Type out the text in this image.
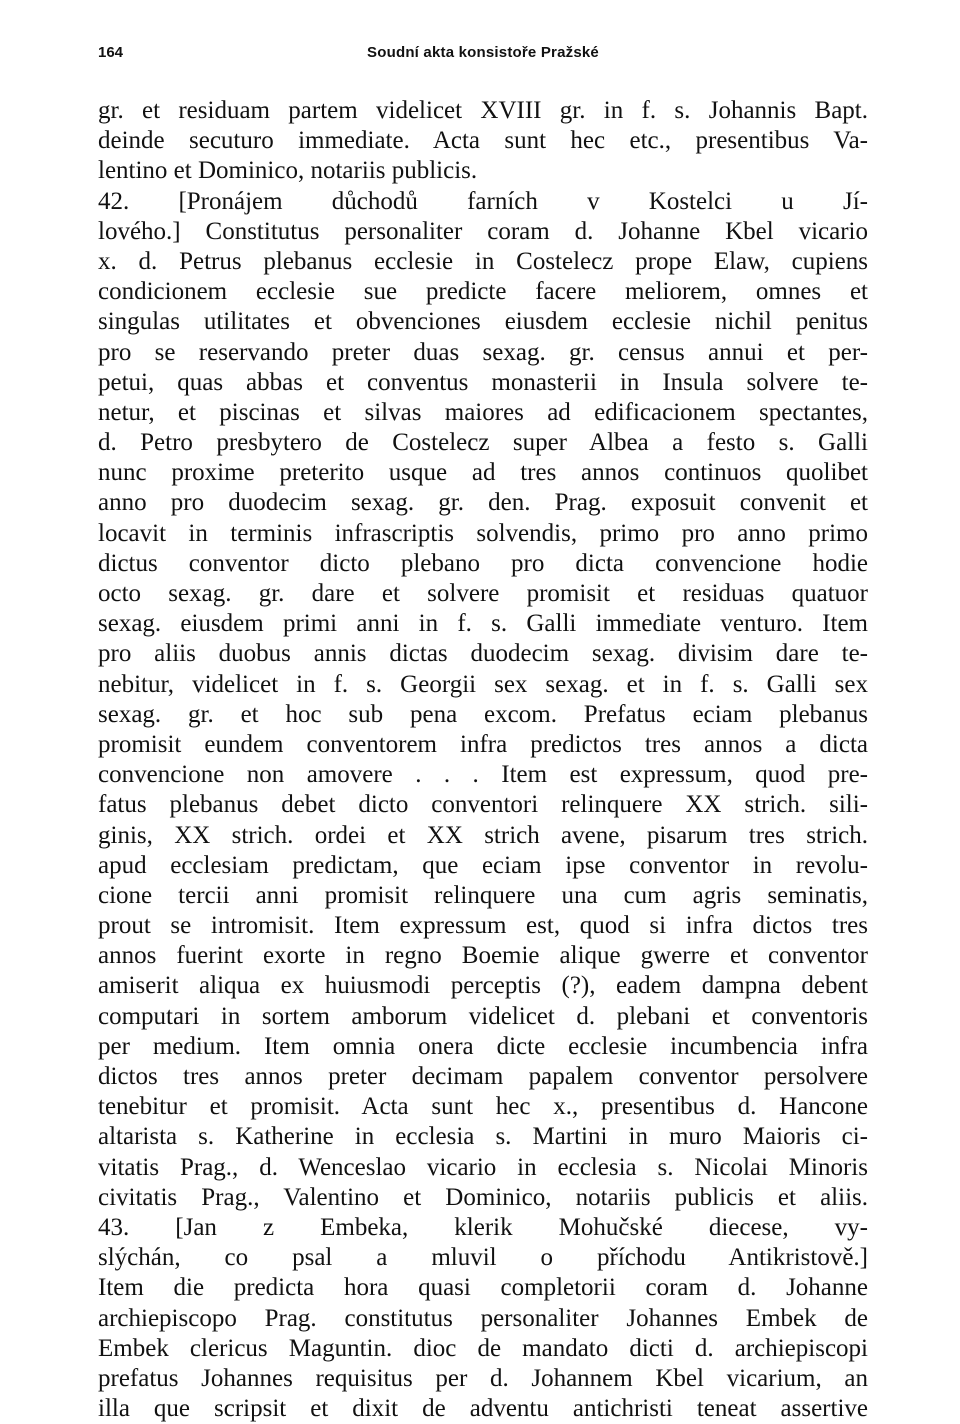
164	Soudní akta konsistoře Pražské
gr. et residuam partem videlicet XVIII gr. in f. s. Johannis Bapt.
deinde secuturo immediate. Acta sunt hec etc., presentibus Va-
lentino et Dominico, notariis publicis.
42. [Pronájem důchodů farních v Kostelci u Jí-
lového.] Constitutus personaliter coram d. Johanne Kbel vicario
x. d. Petrus plebanus ecclesie in Costelecz prope Elaw, cupiens
condicionem ecclesie sue predicte facere meliorem, omnes et
singulas utilitates et obvenciones eiusdem ecclesie nichil penitus
pro se reservando preter duas sexag. gr. census annui et per-
petui, quas abbas et conventus monasterii in Insula solvere te-
netur, et piscinas et silvas maiores ad edificacionem spectantes,
d. Petro presbytero de Costelecz super Albea a festo s. Galli
nunc proxime preterito usque ad tres annos continuos quolibet
anno pro duodecim sexag. gr. den. Prag. exposuit convenit et
locavit in terminis infrascriptis solvendis, primo pro anno primo
dictus conventor dicto plebano pro dicta convencione hodie
octo sexag. gr. dare et solvere promisit et residuas quatuor
sexag. eiusdem primi anni in f. s. Galli immediate venturo. Item
pro aliis duobus annis dictas duodecim sexag. divisim dare te-
nebitur, videlicet in f. s. Georgii sex sexag. et in f. s. Galli sex
sexag. gr. et hoc sub pena excom. Prefatus eciam plebanus
promisit eundem conventorem infra predictos tres annos a dicta
convencione non amovere . . . Item est expressum, quod pre-
fatus plebanus debet dicto conventori relinquere XX strich. sili-
ginis, XX strich. ordei et XX strich avene, pisarum tres strich.
apud ecclesiam predictam, que eciam ipse conventor in revolu-
cione tercii anni promisit relinquere una cum agris seminatis,
prout se intromisit. Item expressum est, quod si infra dictos tres
annos fuerint exorte in regno Boemie alique gwerre et conventor
amiserit aliqua ex huiusmodi perceptis (?), eadem dampna debent
computari in sortem amborum videlicet d. plebani et conventoris
per medium. Item omnia onera dicte ecclesie incumbencia infra
dictos tres annos preter decimam papalem conventor persolvere
tenebitur et promisit. Acta sunt hec x., presentibus d. Hancone
altarista s. Katherine in ecclesia s. Martini in muro Maioris ci-
vitatis Prag., d. Wenceslao vicario in ecclesia s. Nicolai Minoris
civitatis Prag., Valentino et Dominico, notariis publicis et aliis.
43. [Jan z Embeka, klerik Mohučské diecese, vy-
slýchán, co psal a mluvil o příchodu Antikristově.]
Item die predicta hora quasi completorii coram d. Johanne
archiepiscopo Prag. constitutus personaliter Johannes Embek de
Embek clericus Maguntin. dioc de mandato dicti d. archiepiscopi
prefatus Johannes requisitus per d. Johannem Kbel vicarium, an
illa que scripsit et dixit de adventu antichristi teneat assertive
